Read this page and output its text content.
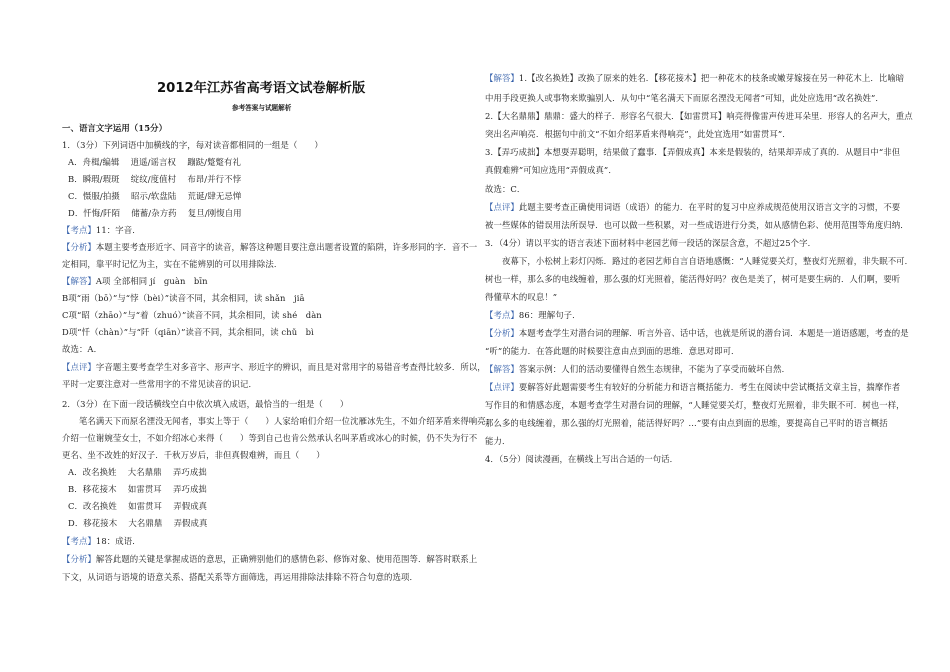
2012年江苏省高考语文试卷解析版
参考答案与试题解析
一、语言文字运用（15分）
1．（3分）下列词语中加横线的字，每对读音都相同的一组是（　　）
A．舟楫/编辑　 逍遥/谣言权　 蹦跶/蹩蹩有礼
B．瞬瑕/瑕斑　 绽纹/度值村　 布昂/并行不悖
C．慑服/拍摄　 昭示/软盘陆　 荒诞/肆无忌惮
D．忏悔/阡陌　 储蓄/杂方药　 复旦/刚愎自用
【考点】11：字音．
【分析】本题主要考查形近字、同音字的读音，解答这种题目要注意出题者设置的陷阱，许多形同的字．音不一
定相同，靠平时记忆为主，实在不能辨别的可以用排除法．
【解答】A项 全部相同 jí　guàn　bīn
B项“雨（bō）”与“悖（bèi）”读音不同，其余相同，读 shǎn　jiā
C项“昭（zhāo）”与“着（zhuó）”读音不同，其余相同，读 shé　dàn
D项“忏（chàn）”与“阡（qiān）”读音不同，其余相同，读 chǔ　bì
故选：A．
【点评】字音题主要考查学生对多音字、形声字、形近字的辨识，而且是对常用字的易错音考查得比较多．所以，
平时一定要注意对一些常用字的不常见读音的识记．
2．（3分）在下面一段话横线空白中依次填入成语，最恰当的一组是（　　）
　　笔名满天下而原名湮没无闻者，事实上等于（　　）人家给咱们介绍一位沈雁冰先生，不如介绍茅盾来得响亮；
介绍一位谢婉莹女士，不如介绍冰心来得（　　）等到自己也肯公然承认名叫茅盾或冰心的时候，仍不失为行不
更名、坐不改姓的好汉子．千秋万岁后，非但真假难辨，而且（　　）
A．改名换姓　 大名鼎鼎　 弄巧成拙
B．移花接木　 如雷贯耳　 弄巧成拙
C．改名换姓　 如雷贯耳　 弄假成真
D．移花接木　 大名鼎鼎　 弄假成真
【考点】18：成语．
【分析】解答此题的关键是掌握成语的意思，正确辨别他们的感情色彩、修饰对象、使用范围等．解答时联系上
下文，从词语与语境的语意关系、搭配关系等方面筛选，再运用排除法排除不符合句意的选项．
【解答】1.【改名换姓】改换了原来的姓名．【移花接木】把一种花木的枝条或嫩芽嫁接在另一种花木上．比喻暗
中用手段更换人或事物来欺骗别人．从句中“笔名满天下而原名湮没无闻者”可知，此处应选用“改名换姓”．
2.【大名鼎鼎】鼎鼎：盛大的样子．形容名气很大．【如雷贯耳】响亮得像雷声传进耳朵里．形容人的名声大，重点
突出名声响亮．根据句中前文“不如介绍茅盾来得响亮”，此处宜选用“如雷贯耳”．
3.【弄巧成拙】本想耍弄聪明，结果做了蠢事．【弄假成真】本来是假装的，结果却弄成了真的．从题目中“非但
真假难辨”可知应选用“弄假成真”．
故选：C．
【点评】此题主要考查正确使用词语（成语）的能力．在平时的复习中应养成规范使用汉语言文字的习惯，不要
被一些媒体的错误用法所误导．也可以做一些积累，对一些成语进行分类，如从感情色彩、使用范围等角度归纳．
3．（4分）请以平实的语言表述下面材料中老园艺师一段话的深层含意，不超过25个字．
　　夜幕下，小松树上彩灯闪烁．路过的老园艺师自言自语地感慨：“人睡觉要关灯，整夜灯光照着，非失眠不可．
树也一样，那么多的电线缠着，那么强的灯光照着，能活得好吗？夜色是美了，树可是要生病的．人们啊，要听
得懂草木的叹息！”
【考点】86：理解句子．
【分析】本题考查学生对潜台词的理解．听言外音、话中话，也就是所说的潜台词．本题是一道语感题，考查的是
“听”的能力．在答此题的时候要注意由点到面的思维．意思对即可．
【解答】答案示例：人们的活动要懂得自然生态规律，不能为了享受而破坏自然．
【点评】要解答好此题需要考生有较好的分析能力和语言概括能力．考生在阅读中尝试概括文章主旨，揣摩作者
写作目的和情感态度，本题考查学生对潜台词的理解，“人睡觉要关灯，整夜灯光照着，非失眠不可．树也一样，
那么多的电线缠着，那么强的灯光照着，能活得好吗？…”要有由点到面的思维，要提高自己平时的语言概括
能力．
4．（5分）阅读漫画，在横线上写出合适的一句话．
